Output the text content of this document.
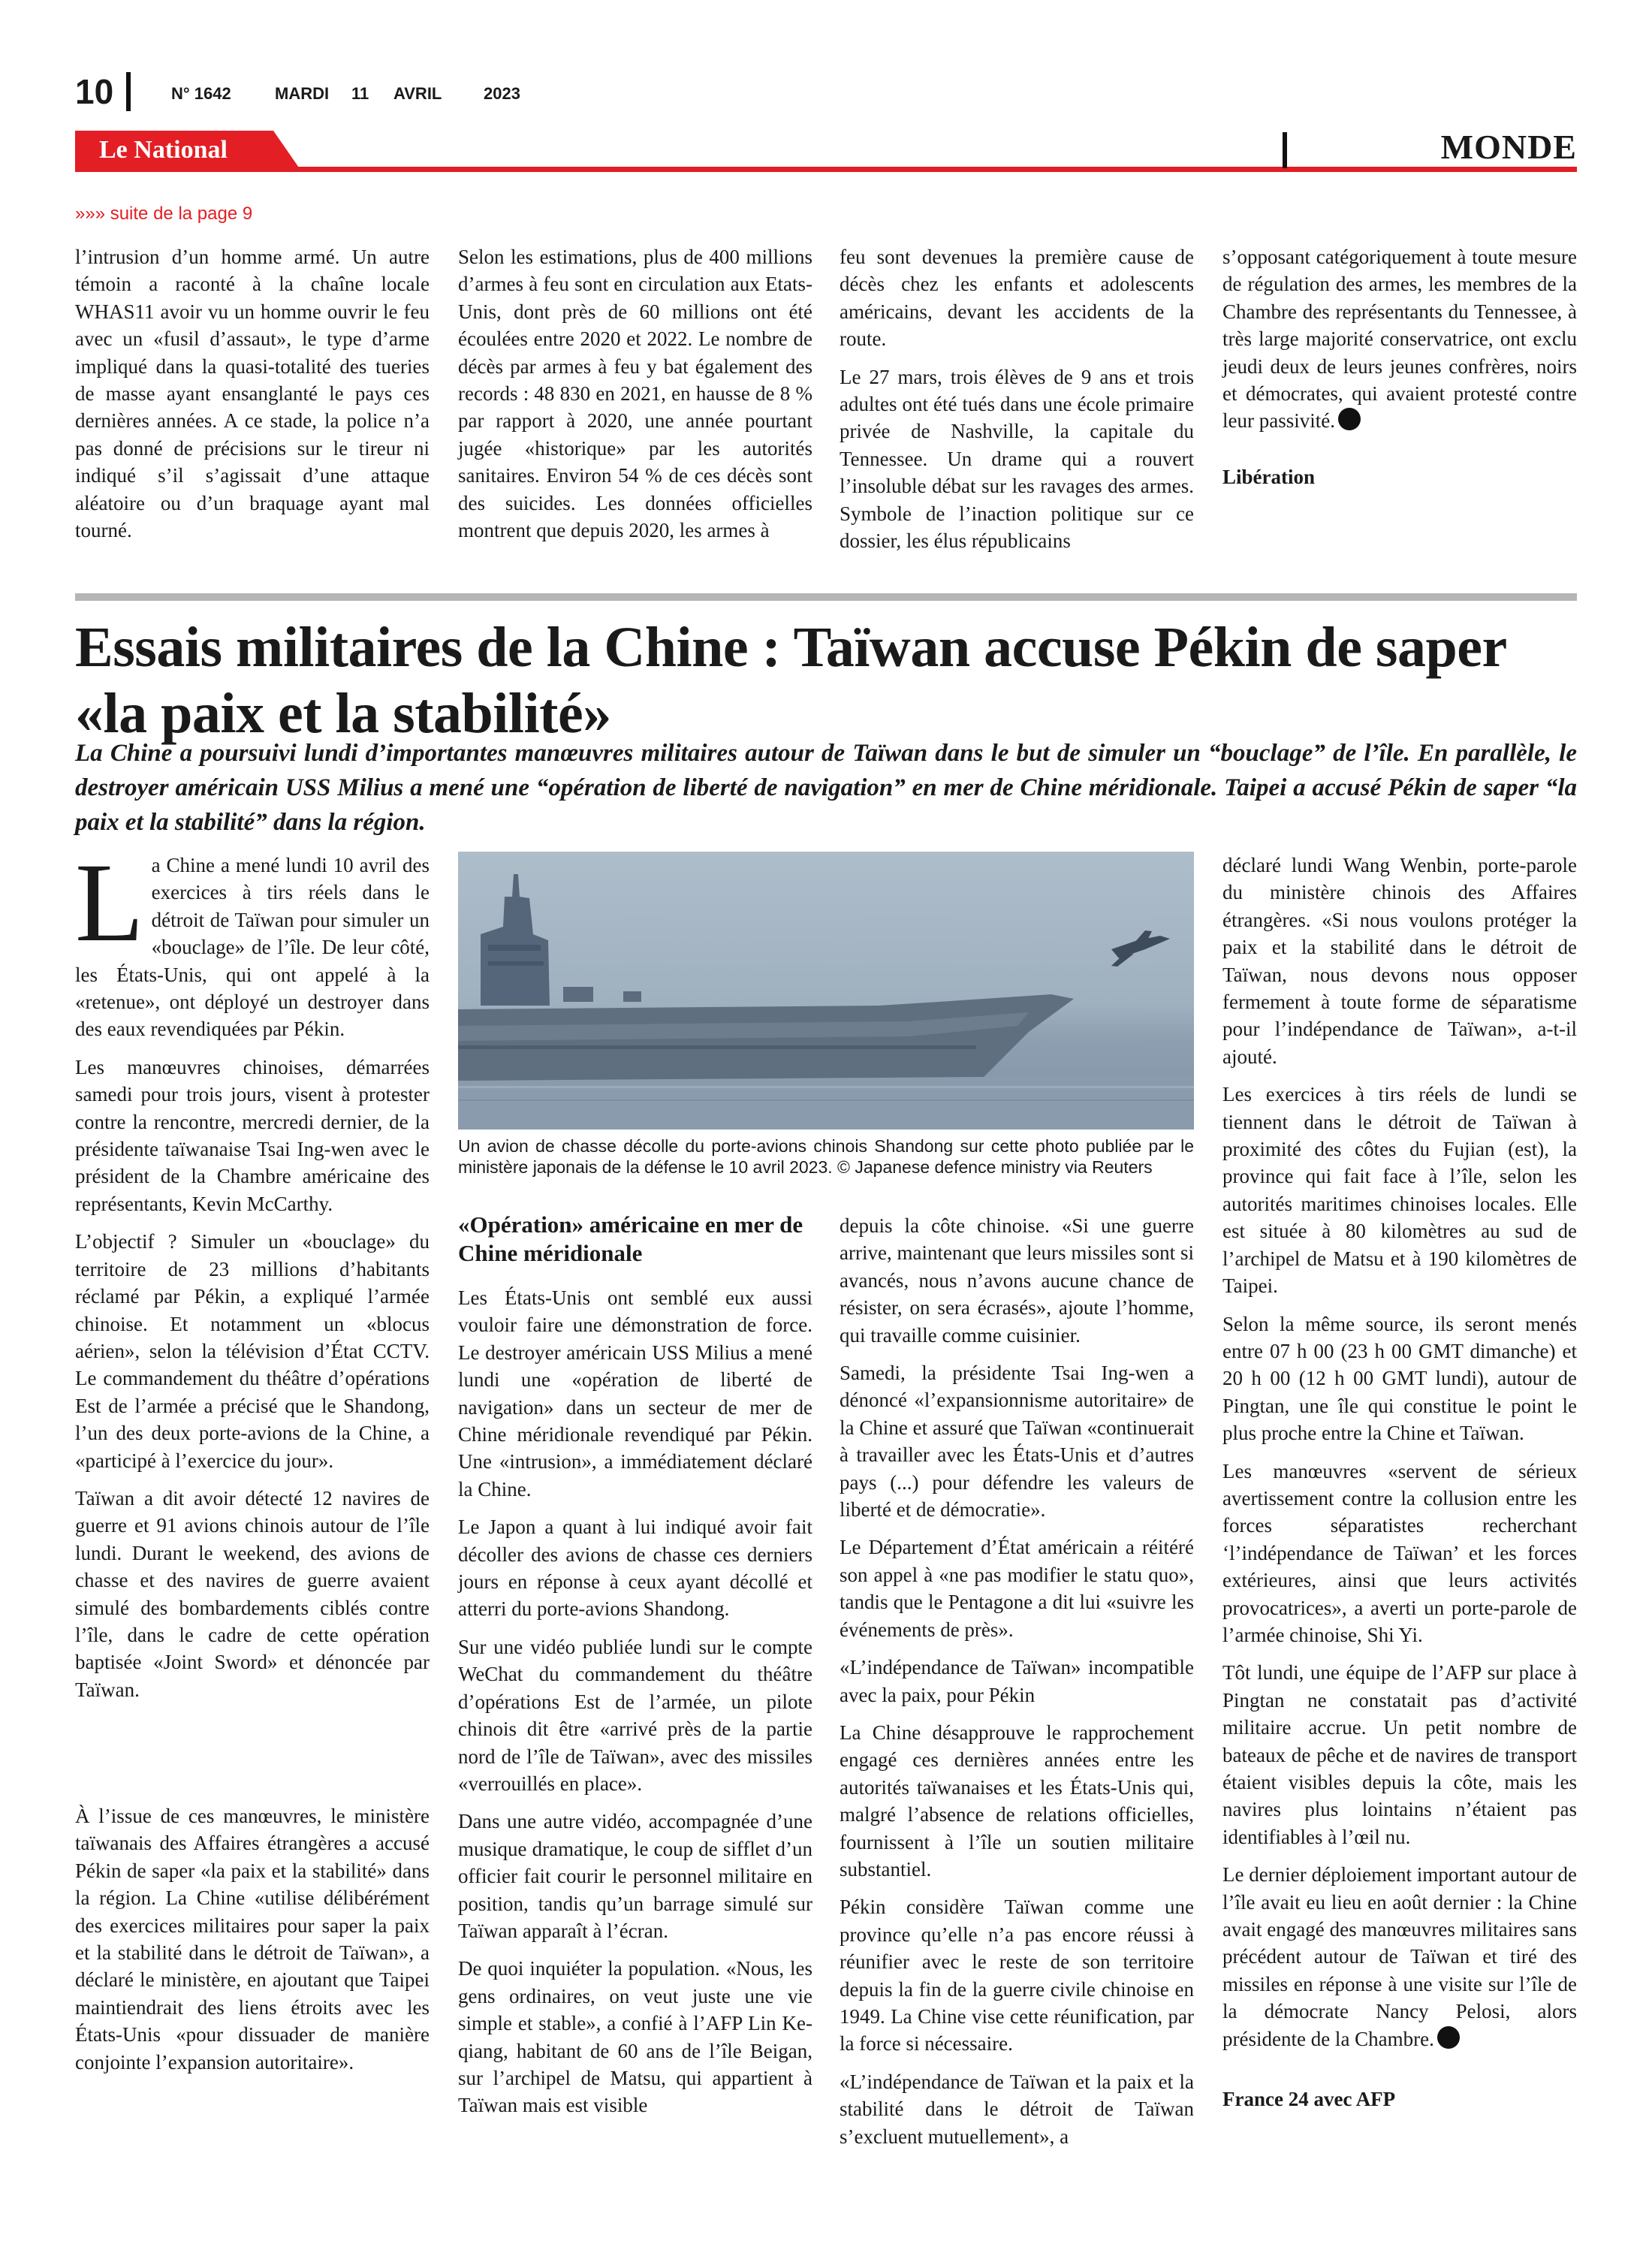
10	N° 1642	MARDI 11 AVRIL	2023
Le National	MONDE
»»» suite de la page 9

l’intrusion d’un homme armé. Un autre témoin a raconté à la chaîne locale WHAS11 avoir vu un homme ouvrir le feu avec un «fusil d’assaut», le type d’arme impliqué dans la quasi-totalité des tueries de masse ayant ensanglanté le pays ces dernières années. A ce stade, la police n’a pas donné de précisions sur le tireur ni indiqué s’il s’agissait d’une attaque aléatoire ou d’un braquage ayant mal tourné.

Selon les estimations, plus de 400 millions d’armes à feu sont en circulation aux Etats-Unis, dont près de 60 millions ont été écoulées entre 2020 et 2022. Le nombre de décès par armes à feu y bat également des records : 48 830 en 2021, en hausse de 8 % par rapport à 2020, une année pourtant jugée «historique» par les autorités sanitaires. Environ 54 % de ces décès sont des suicides. Les données officielles montrent que depuis 2020, les armes à

feu sont devenues la première cause de décès chez les enfants et adolescents américains, devant les accidents de la route.

Le 27 mars, trois élèves de 9 ans et trois adultes ont été tués dans une école primaire privée de Nashville, la capitale du Tennessee. Un drame qui a rouvert l’insoluble débat sur les ravages des armes. Symbole de l’inaction politique sur ce dossier, les élus républicains

s’opposant catégoriquement à toute mesure de régulation des armes, les membres de la Chambre des représentants du Tennessee, à très large majorité conservatrice, ont exclu jeudi deux de leurs jeunes confrères, noirs et démocrates, qui avaient protesté contre leur passivité.

Libération

Essais militaires de la Chine : Taïwan accuse Pékin de saper «la paix et la stabilité»

La Chine a poursuivi lundi d’importantes manœuvres militaires autour de Taïwan dans le but de simuler un “bouclage” de l’île. En parallèle, le destroyer américain USS Milius a mené une “opération de liberté de navigation” en mer de Chine méridionale. Taipei a accusé Pékin de saper “la paix et la stabilité” dans la région.

La Chine a mené lundi 10 avril des exercices à tirs réels dans le détroit de Taïwan pour simuler un «bouclage» de l’île. De leur côté, les États-Unis, qui ont appelé à la «retenue», ont déployé un destroyer dans des eaux revendiquées par Pékin.

Les manœuvres chinoises, démarrées samedi pour trois jours, visent à protester contre la rencontre, mercredi dernier, de la présidente taïwanaise Tsai Ing-wen avec le président de la Chambre américaine des représentants, Kevin McCarthy.

L’objectif ? Simuler un «bouclage» du territoire de 23 millions d’habitants réclamé par Pékin, a expliqué l’armée chinoise. Et notamment un «blocus aérien», selon la télévision d’État CCTV. Le commandement du théâtre d’opérations Est de l’armée a précisé que le Shandong, l’un des deux porte-avions de la Chine, a «participé à l’exercice du jour».

Taïwan a dit avoir détecté 12 navires de guerre et 91 avions chinois autour de l’île lundi. Durant le weekend, des avions de chasse et des navires de guerre avaient simulé des bombardements ciblés contre l’île, dans le cadre de cette opération baptisée «Joint Sword» et dénoncée par Taïwan.

À l’issue de ces manœuvres, le ministère taïwanais des Affaires étrangères a accusé Pékin de saper «la paix et la stabilité» dans la région. La Chine «utilise délibérément des exercices militaires pour saper la paix et la stabilité dans le détroit de Taïwan», a déclaré le ministère, en ajoutant que Taipei maintiendrait des liens étroits avec les États-Unis «pour dissuader de manière conjointe l’expansion autoritaire».

Un avion de chasse décolle du porte-avions chinois Shandong sur cette photo publiée par le ministère japonais de la défense le 10 avril 2023. © Japanese defence ministry via Reuters

«Opération» américaine en mer de Chine méridionale

Les États-Unis ont semblé eux aussi vouloir faire une démonstration de force. Le destroyer américain USS Milius a mené lundi une «opération de liberté de navigation» dans un secteur de mer de Chine méridionale revendiqué par Pékin. Une «intrusion», a immédiatement déclaré la Chine.

Le Japon a quant à lui indiqué avoir fait décoller des avions de chasse ces derniers jours en réponse à ceux ayant décollé et atterri du porte-avions Shandong.

Sur une vidéo publiée lundi sur le compte WeChat du commandement du théâtre d’opérations Est de l’armée, un pilote chinois dit être «arrivé près de la partie nord de l’île de Taïwan», avec des missiles «verrouillés en place».

Dans une autre vidéo, accompagnée d’une musique dramatique, le coup de sifflet d’un officier fait courir le personnel militaire en position, tandis qu’un barrage simulé sur Taïwan apparaît à l’écran.

De quoi inquiéter la population. «Nous, les gens ordinaires, on veut juste une vie simple et stable», a confié à l’AFP Lin Ke-qiang, habitant de 60 ans de l’île Beigan, sur l’archipel de Matsu, qui appartient à Taïwan mais est visible

depuis la côte chinoise. «Si une guerre arrive, maintenant que leurs missiles sont si avancés, nous n’avons aucune chance de résister, on sera écrasés», ajoute l’homme, qui travaille comme cuisinier.

Samedi, la présidente Tsai Ing-wen a dénoncé «l’expansionnisme autoritaire» de la Chine et assuré que Taïwan «continuerait à travailler avec les États-Unis et d’autres pays (...) pour défendre les valeurs de liberté et de démocratie».

Le Département d’État américain a réitéré son appel à «ne pas modifier le statu quo», tandis que le Pentagone a dit lui «suivre les événements de près».

«L’indépendance de Taïwan» incompatible avec la paix, pour Pékin

La Chine désapprouve le rapprochement engagé ces dernières années entre les autorités taïwanaises et les États-Unis qui, malgré l’absence de relations officielles, fournissent à l’île un soutien militaire substantiel.

Pékin considère Taïwan comme une province qu’elle n’a pas encore réussi à réunifier avec le reste de son territoire depuis la fin de la guerre civile chinoise en 1949. La Chine vise cette réunification, par la force si nécessaire.

«L’indépendance de Taïwan et la paix et la stabilité dans le détroit de Taïwan s’excluent mutuellement», a

déclaré lundi Wang Wenbin, porte-parole du ministère chinois des Affaires étrangères. «Si nous voulons protéger la paix et la stabilité dans le détroit de Taïwan, nous devons nous opposer fermement à toute forme de séparatisme pour l’indépendance de Taïwan», a-t-il ajouté.

Les exercices à tirs réels de lundi se tiennent dans le détroit de Taïwan à proximité des côtes du Fujian (est), la province qui fait face à l’île, selon les autorités maritimes chinoises locales. Elle est située à 80 kilomètres au sud de l’archipel de Matsu et à 190 kilomètres de Taipei.

Selon la même source, ils seront menés entre 07 h 00 (23 h 00 GMT dimanche) et 20 h 00 (12 h 00 GMT lundi), autour de Pingtan, une île qui constitue le point le plus proche entre la Chine et Taïwan.

Les manœuvres «servent de sérieux avertissement contre la collusion entre les forces séparatistes recherchant ‘l’indépendance de Taïwan’ et les forces extérieures, ainsi que leurs activités provocatrices», a averti un porte-parole de l’armée chinoise, Shi Yi.

Tôt lundi, une équipe de l’AFP sur place à Pingtan ne constatait pas d’activité militaire accrue. Un petit nombre de bateaux de pêche et de navires de transport étaient visibles depuis la côte, mais les navires plus lointains n’étaient pas identifiables à l’œil nu.

Le dernier déploiement important autour de l’île avait eu lieu en août dernier : la Chine avait engagé des manœuvres militaires sans précédent autour de Taïwan et tiré des missiles en réponse à une visite sur l’île de la démocrate Nancy Pelosi, alors présidente de la Chambre.

France 24 avec AFP
